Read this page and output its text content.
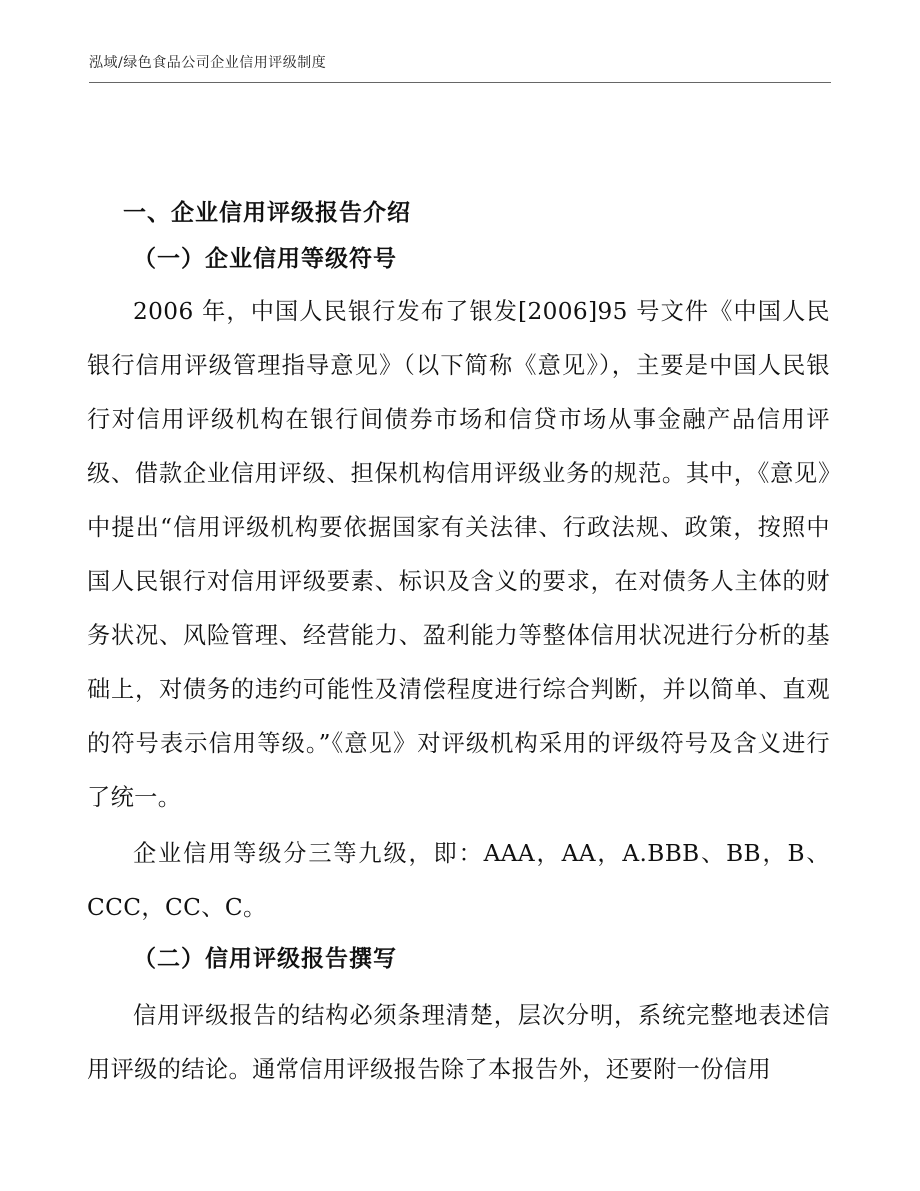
泓域/绿色食品公司企业信用评级制度
一、企业信用评级报告介绍
（一）企业信用等级符号

2006 年，中国人民银行发布了银发[2006]95 号文件《中国人民银行信用评级管理指导意见》（以下简称《意见》），主要是中国人民银行对信用评级机构在银行间债券市场和信贷市场从事金融产品信用评级、借款企业信用评级、担保机构信用评级业务的规范。其中，《意见》中提出“信用评级机构要依据国家有关法律、行政法规、政策，按照中国人民银行对信用评级要素、标识及含义的要求，在对债务人主体的财务状况、风险管理、经营能力、盈利能力等整体信用状况进行分析的基础上，对债务的违约可能性及清偿程度进行综合判断，并以简单、直观的符号表示信用等级。”《意见》对评级机构采用的评级符号及含义进行了统一。

企业信用等级分三等九级，即：AAA，AA，A.BBB、BB，B、CCC，CC、C。

（二）信用评级报告撰写

信用评级报告的结构必须条理清楚，层次分明，系统完整地表述信用评级的结论。通常信用评级报告除了本报告外，还要附一份信用
